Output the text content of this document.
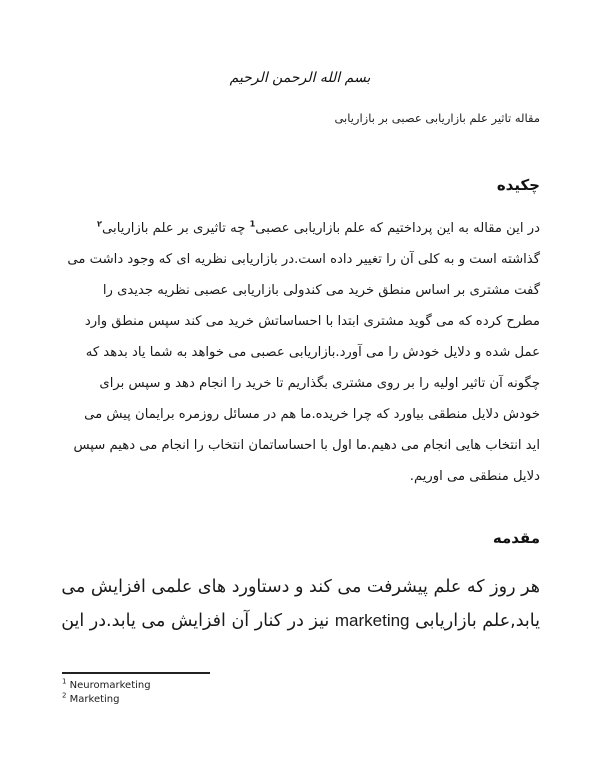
بسم الله الرحمن الرحیم
مقاله تاثیر علم بازاریابی عصبی بر بازاریابی
چکیده
در این مقاله به این پرداختیم که علم بازاریابی عصبی$^1$ چه تاثیری بر علم بازاریابی$^٢$
گذاشته است و به کلی آن را تغییر داده است.در بازاریابی نظریه ای که وجود داشت می
گفت مشتری بر اساس منطق خرید می کندولی بازاریابی عصبی نظریه جدیدی را
مطرح کرده که می گوید مشتری ابتدا با احساساتش خرید می کند سپس منطق وارد
عمل شده و دلایل خودش را می آورد.بازاریابی عصبی می خواهد به شما یاد بدهد که
چگونه آن تاثیر اولیه را بر روی مشتری بگذاریم تا خرید را انجام دهد و سپس برای
خودش دلایل منطقی بیاورد که چرا خریده.ما هم در مسائل روزمره برایمان پیش می
اید انتخاب هایی انجام می دهیم.ما اول با احساساتمان انتخاب را انجام می دهیم سپس
دلایل منطقی می اوریم.
مقدمه
هر روز که علم پیشرفت می کند و دستاورد های علمی افزایش می
یابد,علم بازاریابی marketing نیز در کنار آن افزایش می یابد.در این
$^1$ Neuromarketing
$^2$ Marketing
